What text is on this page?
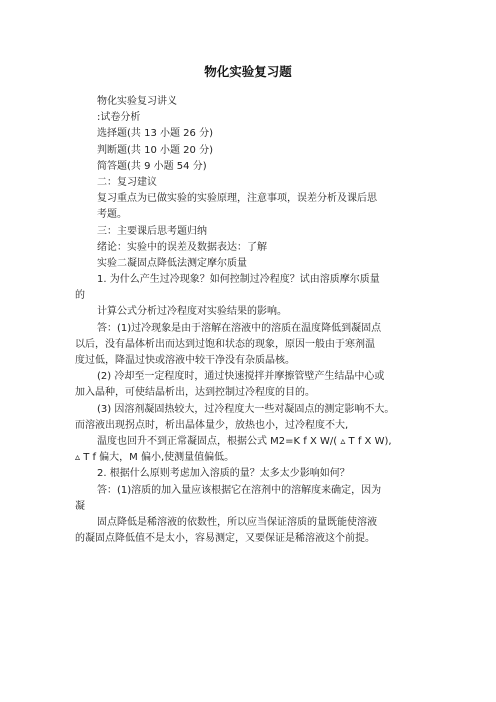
物化实验复习题
物化实验复习讲义
:试卷分析
选择题(共 13 小题 26 分)
判断题(共 10 小题 20 分)
简答题(共 9 小题 54 分)
二：复习建议
复习重点为已做实验的实验原理，注意事项，误差分析及课后思
考题。
三：主要课后思考题归纳
绪论：实验中的误差及数据表达：了解
实验二凝固点降低法测定摩尔质量
1. 为什么产生过冷现象？如何控制过冷程度？试由溶质摩尔质量
的
计算公式分析过冷程度对实验结果的影响。
答：(1)过冷现象是由于溶解在溶液中的溶质在温度降低到凝固点
以后，没有晶体析出而达到过饱和状态的现象，原因一般由于寒剂温
度过低，降温过快或溶液中较干净没有杂质晶核。
(2) 冷却至一定程度时，通过快速搅拌并摩擦管壁产生结晶中心或
加入晶种，可使结晶析出，达到控制过冷程度的目的。
(3) 因溶剂凝固热较大，过冷程度大一些对凝固点的测定影响不大。
而溶液出现拐点时，析出晶体量少，放热也小，过冷程度不大,
温度也回升不到正常凝固点，根据公式 M2=K f X W/( ▵ T f X W),
▵ T f 偏大，M 偏小,使测量值偏低。
2. 根据什么原则考虑加入溶质的量？太多太少影响如何？
答：(1)溶质的加入量应该根据它在溶剂中的溶解度来确定，因为
凝
固点降低是稀溶液的依数性，所以应当保证溶质的量既能使溶液
的凝固点降低值不是太小，容易测定，又要保证是稀溶液这个前提。
